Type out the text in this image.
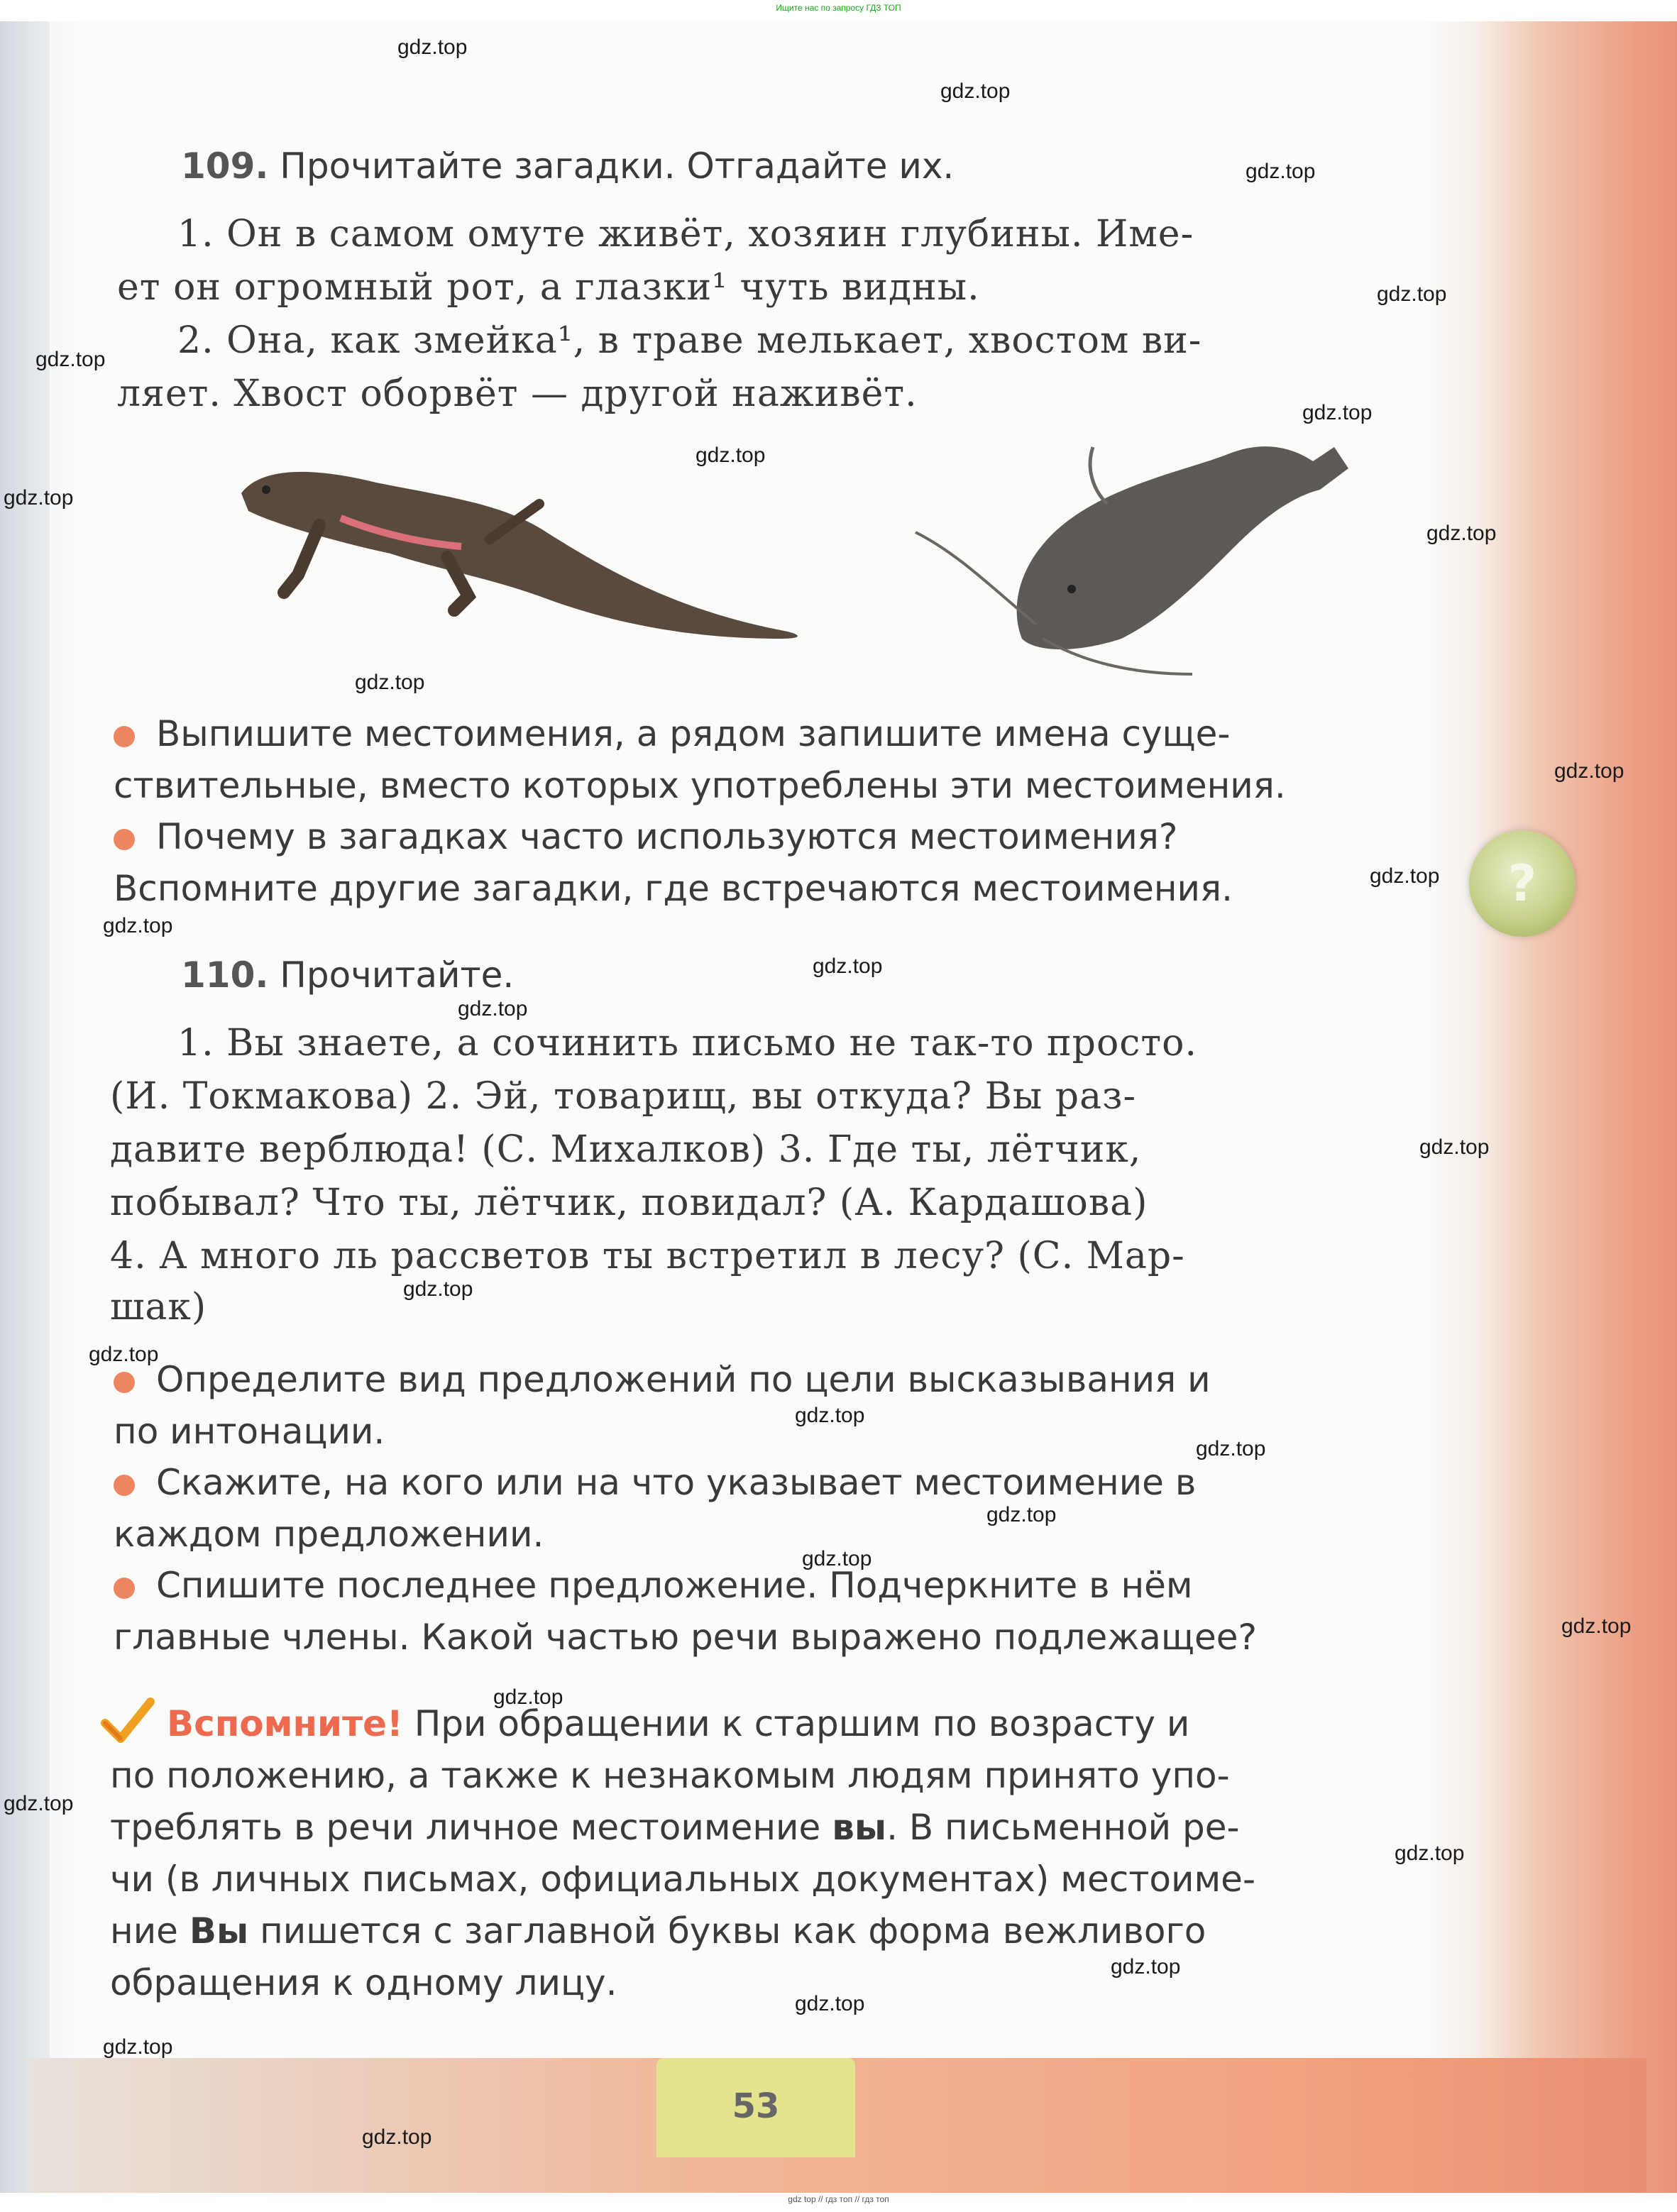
Ищите нас по запросу ГДЗ ТОП
?
109. Прочитайте загадки. Отгадайте их.
1. Он в самом омуте живёт, хозяин глубины. Име-
ет он огромный рот, а глазки¹ чуть видны.
2. Она, как змейка¹, в траве мелькает, хвостом ви-
ляет. Хвост оборвёт — другой наживёт.
Выпишите местоимения, а рядом запишите имена суще-
ствительные, вместо которых употреблены эти местоимения.
Почему в загадках часто используются местоимения?
Вспомните другие загадки, где встречаются местоимения.
110. Прочитайте.
1. Вы знаете, а сочинить письмо не так-то просто.
(И. Токмакова) 2. Эй, товарищ, вы откуда? Вы раз-
давите верблюда! (С. Михалков) 3. Где ты, лётчик,
побывал? Что ты, лётчик, повидал? (А. Кардашова)
4. А много ль рассветов ты встретил в лесу? (С. Мар-
шак)
Определите вид предложений по цели высказывания и
по интонации.
Скажите, на кого или на что указывает местоимение в
каждом предложении.
Спишите последнее предложение. Подчеркните в нём
главные члены. Какой частью речи выражено подлежащее?
Вспомните! При обращении к старшим по возрасту и
по положению, а также к незнакомым людям принято упо-
треблять в речи личное местоимение вы. В письменной ре-
чи (в личных письмах, официальных документах) местоиме-
ние Вы пишется с заглавной буквы как форма вежливого
обращения к одному лицу.
53
gdz.top
gdz.top
gdz.top
gdz.top
gdz.top
gdz.top
gdz.top
gdz.top
gdz.top
gdz.top
gdz.top
gdz.top
gdz.top
gdz.top
gdz.top
gdz.top
gdz.top
gdz.top
gdz.top
gdz.top
gdz.top
gdz.top
gdz.top
gdz.top
gdz.top
gdz.top
gdz.top
gdz.top
gdz.top
gdz.top
gdz top // гдз топ // гдз топ
